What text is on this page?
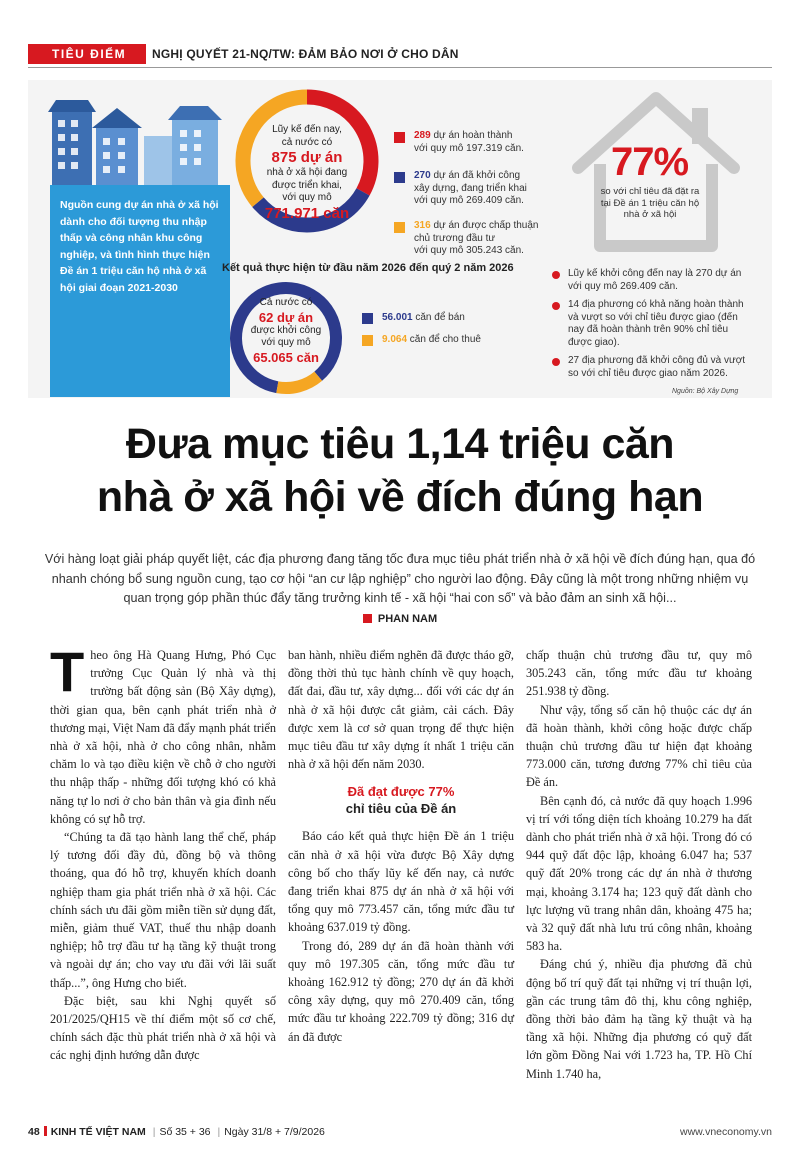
TIÊU ĐIỂM	NGHỊ QUYẾT 21-NQ/TW: ĐẢM BẢO NƠI Ở CHO DÂN
Nguồn cung dự án nhà ở xã hội dành cho đối tượng thu nhập thấp và công nhân khu công nghiệp, và tình hình thực hiện Đề án 1 triệu căn hộ nhà ở xã hội giai đoạn 2021-2030
Lũy kế đến nay,
cả nước có
875 dự án
nhà ở xã hội đang
được triển khai,
với quy mô
771.971 căn
289 dự án hoàn thành
với quy mô 197.319 căn.
270 dự án đã khởi công
xây dựng, đang triển khai
với quy mô 269.409 căn.
316 dự án được chấp thuận
chủ trương đầu tư
với quy mô 305.243 căn.
Kết quả thực hiện từ đầu năm 2026 đến quý 2 năm 2026
Cả nước có
62 dự án
được khởi công
với quy mô
65.065 căn
56.001 căn để bán
9.064 căn để cho thuê
77%
so với chỉ tiêu đã đặt ra tại Đề án 1 triệu căn hộ nhà ở xã hội
Lũy kế khởi công đến nay là 270 dự án với quy mô 269.409 căn.
14 địa phương có khả năng hoàn thành và vượt so với chỉ tiêu được giao (đến nay đã hoàn thành trên 90% chỉ tiêu được giao).
27 địa phương đã khởi công đủ và vượt so với chỉ tiêu được giao năm 2026.
Nguồn: Bộ Xây Dựng
Đưa mục tiêu 1,14 triệu căn
nhà ở xã hội về đích đúng hạn
Với hàng loạt giải pháp quyết liệt, các địa phương đang tăng tốc đưa mục tiêu phát triển nhà ở xã hội về đích đúng hạn, qua đó nhanh chóng bổ sung nguồn cung, tạo cơ hội “an cư lập nghiệp” cho người lao động. Đây cũng là một trong những nhiệm vụ quan trọng góp phần thúc đẩy tăng trưởng kinh tế - xã hội “hai con số” và bảo đảm an sinh xã hội...
PHAN NAM

Theo ông Hà Quang Hưng, Phó Cục trưởng Cục Quản lý nhà và thị trường bất động sản (Bộ Xây dựng), thời gian qua, bên cạnh phát triển nhà ở thương mại, Việt Nam đã đẩy mạnh phát triển nhà ở xã hội, nhà ở cho công nhân, nhằm chăm lo và tạo điều kiện về chỗ ở cho người thu nhập thấp - những đối tượng khó có khả năng tự lo nơi ở cho bản thân và gia đình nếu không có sự hỗ trợ.

“Chúng ta đã tạo hành lang thể chế, pháp lý tương đối đầy đủ, đồng bộ và thông thoáng, qua đó hỗ trợ, khuyến khích doanh nghiệp tham gia phát triển nhà ở xã hội. Các chính sách ưu đãi gồm miễn tiền sử dụng đất, miễn, giảm thuế VAT, thuế thu nhập doanh nghiệp; hỗ trợ đầu tư hạ tầng kỹ thuật trong và ngoài dự án; cho vay ưu đãi với lãi suất thấp...”, ông Hưng cho biết.

Đặc biệt, sau khi Nghị quyết số 201/2025/QH15 về thí điểm một số cơ chế, chính sách đặc thù phát triển nhà ở xã hội và các nghị định hướng dẫn được

ban hành, nhiều điểm nghẽn đã được tháo gỡ, đồng thời thủ tục hành chính về quy hoạch, đất đai, đầu tư, xây dựng... đối với các dự án nhà ở xã hội được cắt giảm, cải cách. Đây được xem là cơ sở quan trọng để thực hiện mục tiêu đầu tư xây dựng ít nhất 1 triệu căn nhà ở xã hội đến năm 2030.

Đã đạt được 77%
chỉ tiêu của Đề án

Báo cáo kết quả thực hiện Đề án 1 triệu căn nhà ở xã hội vừa được Bộ Xây dựng công bố cho thấy lũy kế đến nay, cả nước đang triển khai 875 dự án nhà ở xã hội với tổng quy mô 773.457 căn, tổng mức đầu tư khoảng 637.019 tỷ đồng.

Trong đó, 289 dự án đã hoàn thành với quy mô 197.305 căn, tổng mức đầu tư khoảng 162.912 tỷ đồng; 270 dự án đã khởi công xây dựng, quy mô 270.409 căn, tổng mức đầu tư khoảng 222.709 tỷ đồng; 316 dự án đã được

chấp thuận chủ trương đầu tư, quy mô 305.243 căn, tổng mức đầu tư khoảng 251.938 tỷ đồng.

Như vậy, tổng số căn hộ thuộc các dự án đã hoàn thành, khởi công hoặc được chấp thuận chủ trương đầu tư hiện đạt khoảng 773.000 căn, tương đương 77% chỉ tiêu của Đề án.

Bên cạnh đó, cả nước đã quy hoạch 1.996 vị trí với tổng diện tích khoảng 10.279 ha đất dành cho phát triển nhà ở xã hội. Trong đó có 944 quỹ đất độc lập, khoảng 6.047 ha; 537 quỹ đất 20% trong các dự án nhà ở thương mại, khoảng 3.174 ha; 123 quỹ đất dành cho lực lượng vũ trang nhân dân, khoảng 475 ha; và 32 quỹ đất nhà lưu trú công nhân, khoảng 583 ha.

Đáng chú ý, nhiều địa phương đã chủ động bố trí quỹ đất tại những vị trí thuận lợi, gần các trung tâm đô thị, khu công nghiệp, đồng thời bảo đảm hạ tầng kỹ thuật và hạ tầng xã hội. Những địa phương có quỹ đất lớn gồm Đồng Nai với 1.723 ha, TP. Hồ Chí Minh 1.740 ha,

48 KINH TẾ VIỆT NAM | Số 35 + 36 | Ngày 31/8 + 7/9/2026	www.vneconomy.vn
